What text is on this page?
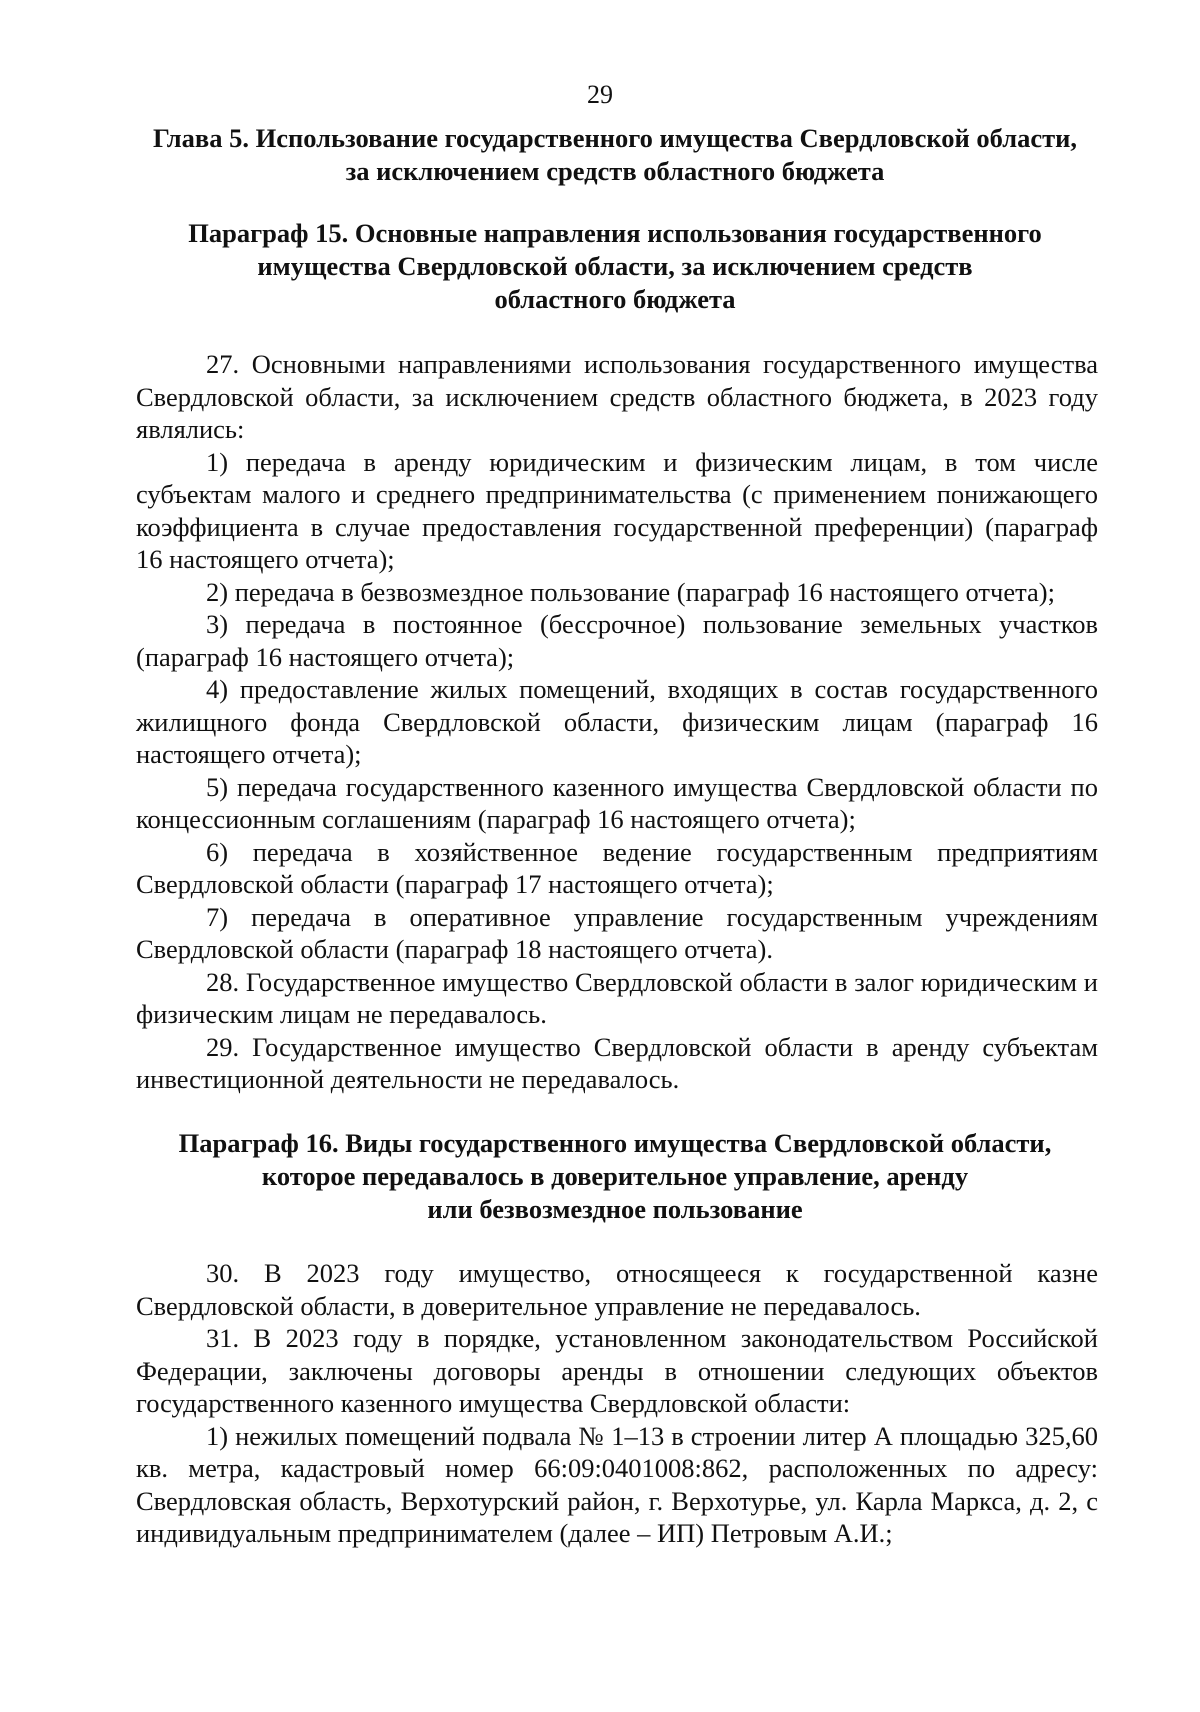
29
Глава 5. Использование государственного имущества Свердловской области,
за исключением средств областного бюджета
Параграф 15. Основные направления использования государственного
имущества Свердловской области, за исключением средств
областного бюджета

27. Основными направлениями использования государственного имущества Свердловской области, за исключением средств областного бюджета, в 2023 году являлись:

1) передача в аренду юридическим и физическим лицам, в том числе субъектам малого и среднего предпринимательства (с применением понижающего коэффициента в случае предоставления государственной преференции) (параграф 16 настоящего отчета);

2) передача в безвозмездное пользование (параграф 16 настоящего отчета);

3) передача в постоянное (бессрочное) пользование земельных участков (параграф 16 настоящего отчета);

4) предоставление жилых помещений, входящих в состав государственного жилищного фонда Свердловской области, физическим лицам (параграф 16 настоящего отчета);

5) передача государственного казенного имущества Свердловской области по концессионным соглашениям (параграф 16 настоящего отчета);

6) передача в хозяйственное ведение государственным предприятиям Свердловской области (параграф 17 настоящего отчета);

7) передача в оперативное управление государственным учреждениям Свердловской области (параграф 18 настоящего отчета).

28. Государственное имущество Свердловской области в залог юридическим и физическим лицам не передавалось.

29. Государственное имущество Свердловской области в аренду субъектам инвестиционной деятельности не передавалось.

Параграф 16. Виды государственного имущества Свердловской области,
которое передавалось в доверительное управление, аренду
или безвозмездное пользование

30. В 2023 году имущество, относящееся к государственной казне Свердловской области, в доверительное управление не передавалось.

31. В 2023 году в порядке, установленном законодательством Российской Федерации, заключены договоры аренды в отношении следующих объектов государственного казенного имущества Свердловской области:

1) нежилых помещений подвала № 1–13 в строении литер А площадью 325,60 кв. метра, кадастровый номер 66:09:0401008:862, расположенных по адресу: Свердловская область, Верхотурский район, г. Верхотурье, ул. Карла Маркса, д. 2, с индивидуальным предпринимателем (далее – ИП) Петровым А.И.;
